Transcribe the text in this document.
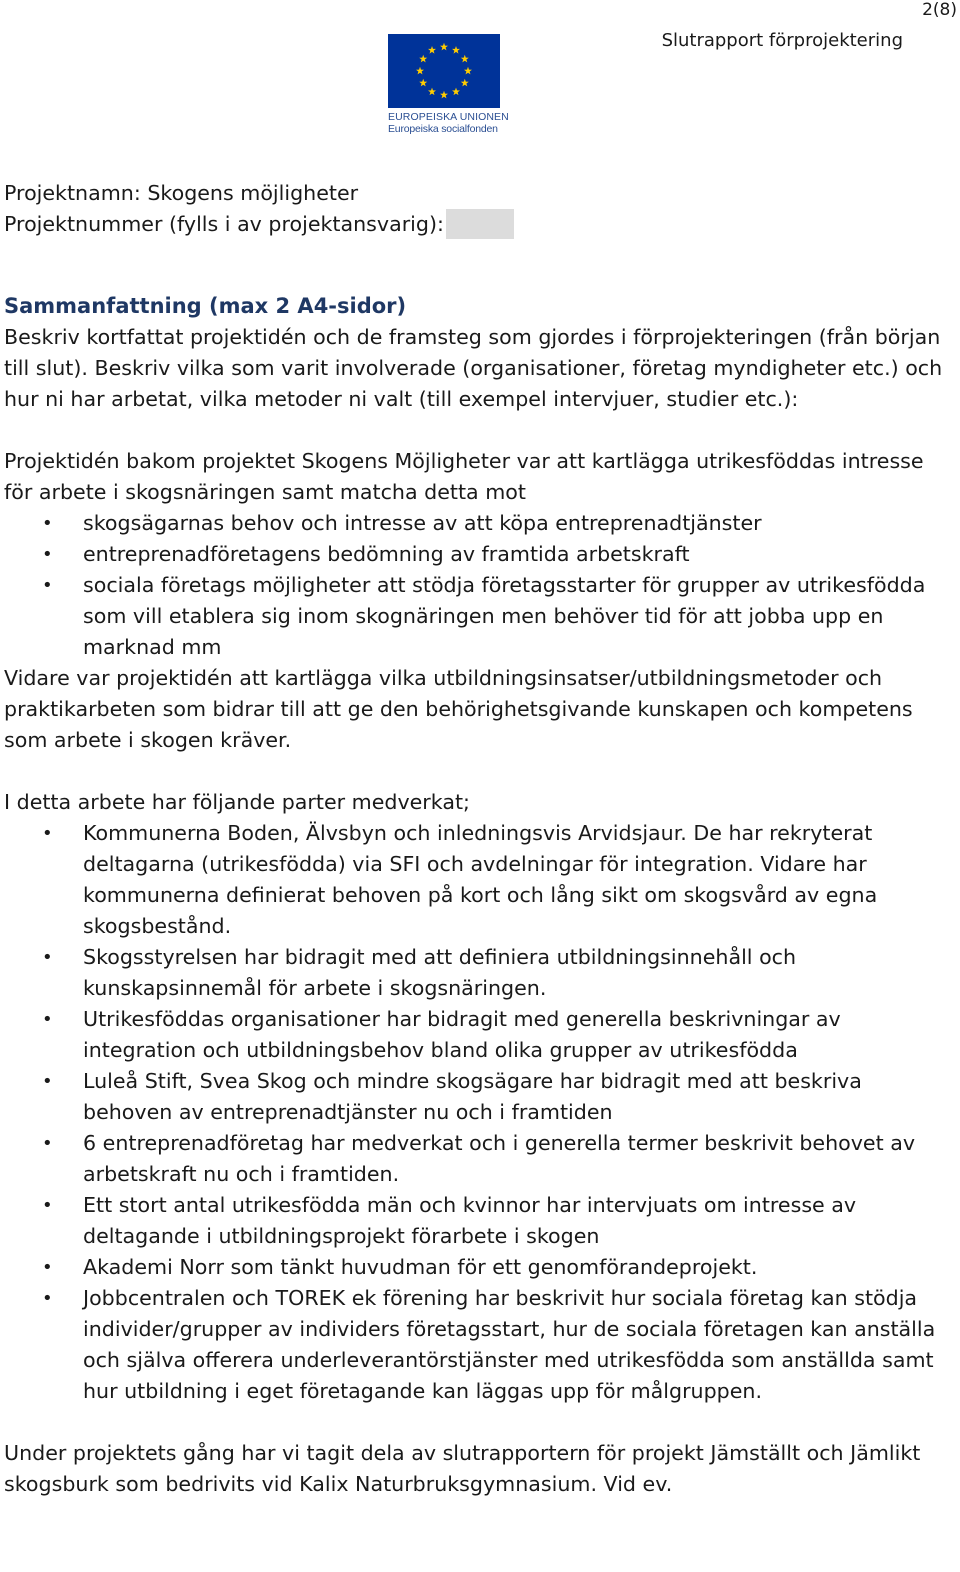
2(8)
Slutrapport förprojektering
EUROPEISKA UNIONEN
Europeiska socialfonden

Projektnamn: Skogens möjligheter

Projektnummer (fylls i av projektansvarig):

Sammanfattning (max 2 A4-sidor)

Beskriv kortfattat projektidén och de framsteg som gjordes i förprojekteringen (från början till slut). Beskriv vilka som varit involverade (organisationer, företag myndigheter etc.) och hur ni har arbetat, vilka metoder ni valt (till exempel intervjuer, studier etc.):

Projektidén bakom projektet Skogens Möjligheter var att kartlägga utrikesföddas intresse för arbete i skogsnäringen samt matcha detta mot

• skogsägarnas behov och intresse av att köpa entreprenadtjänster
• entreprenadföretagens bedömning av framtida arbetskraft
• sociala företags möjligheter att stödja företagsstarter för grupper av utrikesfödda som vill etablera sig inom skognäringen men behöver tid för att jobba upp en marknad mm

Vidare var projektidén att kartlägga vilka utbildningsinsatser/utbildningsmetoder och praktikarbeten som bidrar till att ge den behörighetsgivande kunskapen och kompetens som arbete i skogen kräver.

I detta arbete har följande parter medverkat;

• Kommunerna Boden, Älvsbyn och inledningsvis Arvidsjaur. De har rekryterat deltagarna (utrikesfödda) via SFI och avdelningar för integration. Vidare har kommunerna definierat behoven på kort och lång sikt om skogsvård av egna skogsbestånd.
• Skogsstyrelsen har bidragit med att definiera utbildningsinnehåll och kunskapsinnemål för arbete i skogsnäringen.
• Utrikesföddas organisationer har bidragit med generella beskrivningar av integration och utbildningsbehov bland olika grupper av utrikesfödda
• Luleå Stift, Svea Skog och mindre skogsägare har bidragit med att beskriva behoven av entreprenadtjänster nu och i framtiden
• 6 entreprenadföretag har medverkat och i generella termer beskrivit behovet av arbetskraft nu och i framtiden.
• Ett stort antal utrikesfödda män och kvinnor har intervjuats om intresse av deltagande i utbildningsprojekt förarbete i skogen
• Akademi Norr som tänkt huvudman för ett genomförandeprojekt.
• Jobbcentralen och TOREK ek förening har beskrivit hur sociala företag kan stödja individer/grupper av individers företagsstart, hur de sociala företagen kan anställa och själva offerera underleverantörstjänster med utrikesfödda som anställda samt hur utbildning i eget företagande kan läggas upp för målgruppen.

Under projektets gång har vi tagit dela av slutrapportern för projekt Jämställt och Jämlikt skogsburk som bedrivits vid Kalix Naturbruksgymnasium. Vid ev.
